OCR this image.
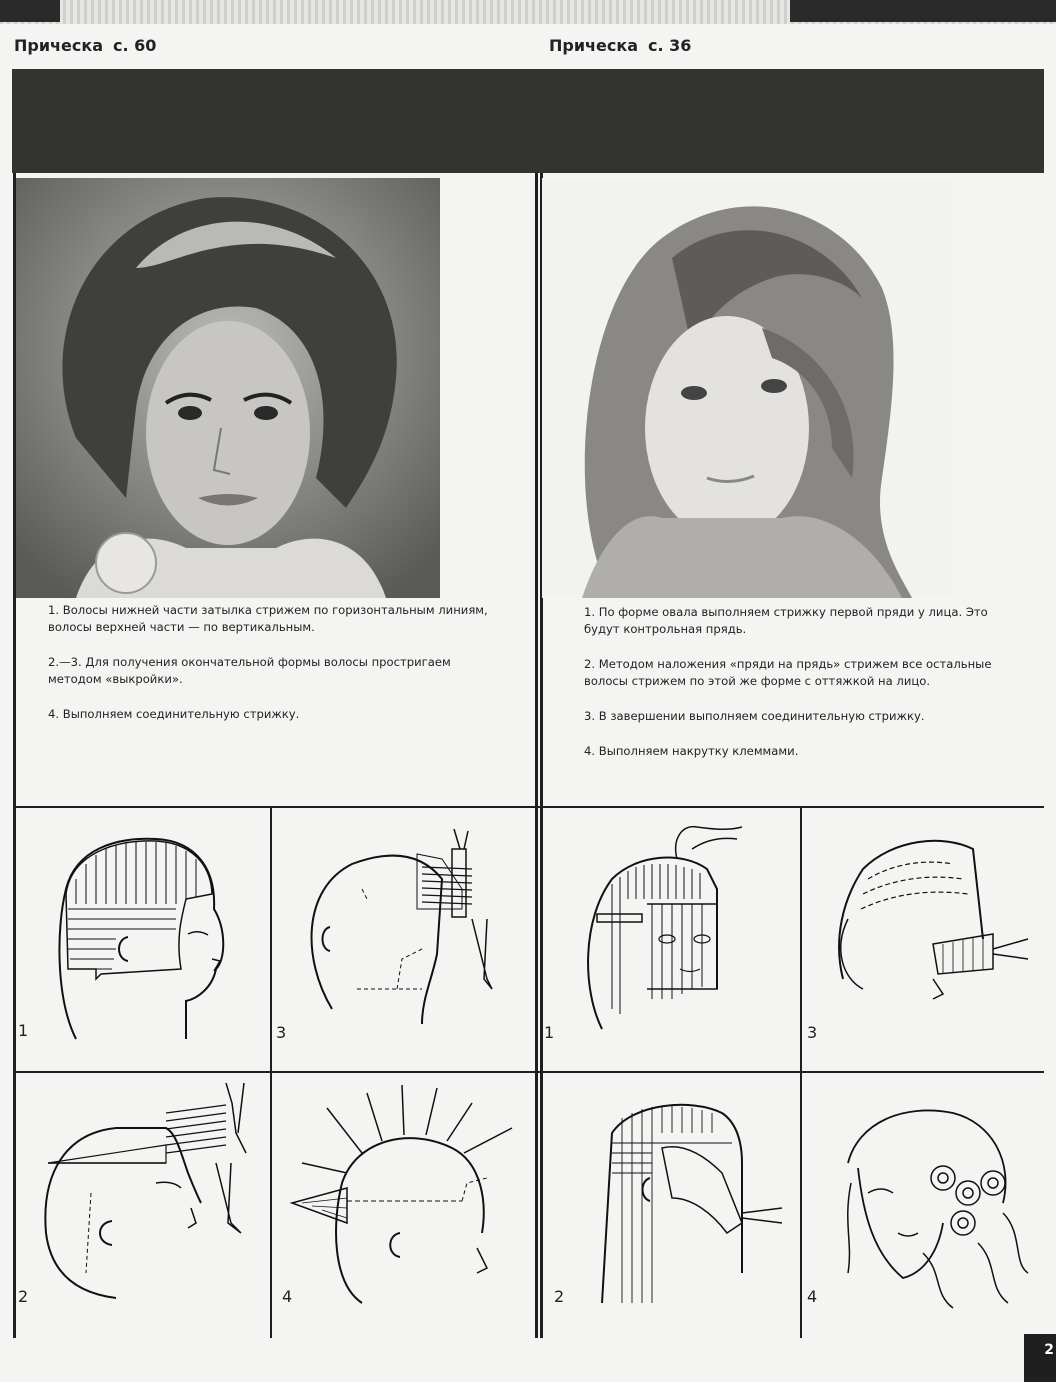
Прическа с. 60	Прическа с. 36

1. Волосы нижней части затылка стрижем по горизонтальным линиям, волосы верхней части — по вертикальным.

2.—3. Для получения окончательной формы волосы простригаем методом «выкройки».

4. Выполняем соединительную стрижку.

1. По форме овала выполняем стрижку первой пряди у лица. Это будут контрольная прядь.

2. Методом наложения «пряди на прядь» стрижем все остальные волосы стрижем по этой же форме с оттяжкой на лицо.

3. В завершении выполняем соединительную стрижку.

4. Выполняем накрутку клеммами.

1	3
2	4
1	3
2	4
2
